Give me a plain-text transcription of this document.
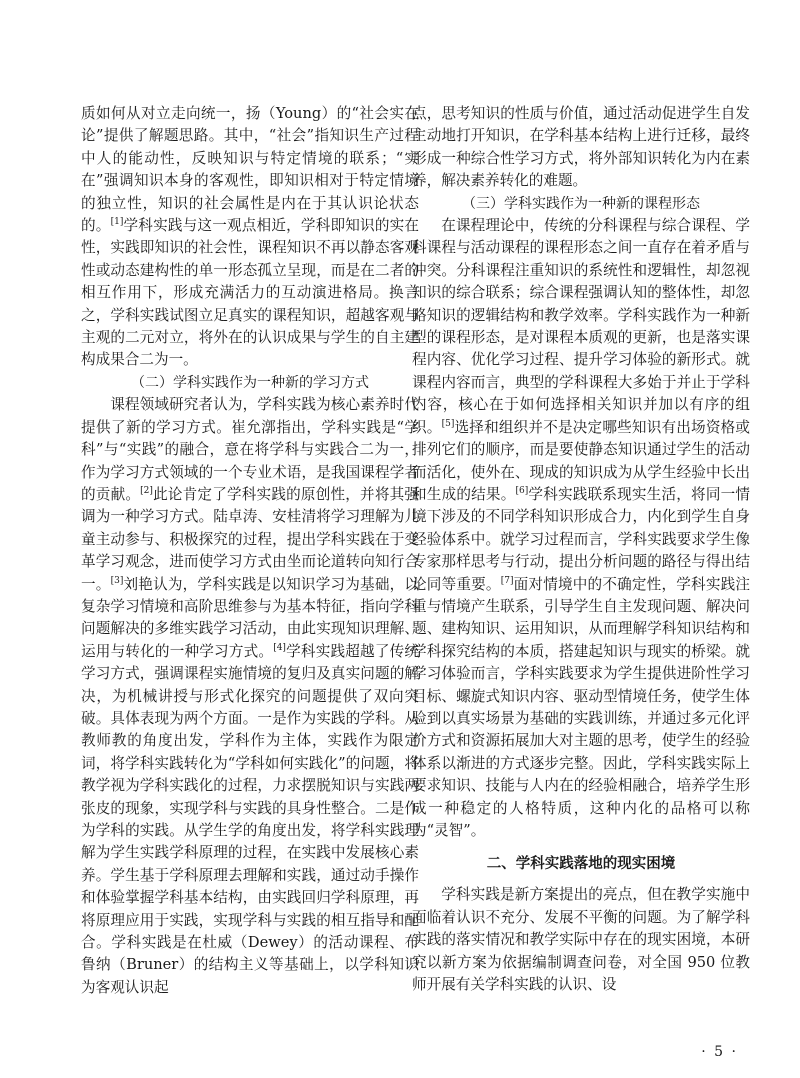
质如何从对立走向统一，扬（Young）的“社会实在论”提供了解题思路。其中，“社会”指知识生产过程中人的能动性，反映知识与特定情境的联系；“实在”强调知识本身的客观性，即知识相对于特定情境的独立性，知识的社会属性是内在于其认识论状态的。[1]学科实践与这一观点相近，学科即知识的实在性，实践即知识的社会性，课程知识不再以静态客观性或动态建构性的单一形态孤立呈现，而是在二者的相互作用下，形成充满活力的互动演进格局。换言之，学科实践试图立足真实的课程知识，超越客观与主观的二元对立，将外在的认识成果与学生的自主建构成果合二为一。

（二）学科实践作为一种新的学习方式

课程领域研究者认为，学科实践为核心素养时代提供了新的学习方式。崔允漷指出，学科实践是“学科”与“实践”的融合，意在将学科与实践合二为一，作为学习方式领域的一个专业术语，是我国课程学者的贡献。[2]此论肯定了学科实践的原创性，并将其强调为一种学习方式。陆卓涛、安桂清将学习理解为儿童主动参与、积极探究的过程，提出学科实践在于变革学习观念，进而使学习方式由坐而论道转向知行合一。[3]刘艳认为，学科实践是以知识学习为基础，以复杂学习情境和高阶思维参与为基本特征，指向学科问题解决的多维实践学习活动，由此实现知识理解、运用与转化的一种学习方式。[4]学科实践超越了传统学习方式，强调课程实施情境的复归及真实问题的解决，为机械讲授与形式化探究的问题提供了双向突破。具体表现为两个方面。一是作为实践的学科。从教师教的角度出发，学科作为主体，实践作为限定词，将学科实践转化为“学科如何实践化”的问题，将教学视为学科实践化的过程，力求摆脱知识与实践两张皮的现象，实现学科与实践的具身性整合。二是作为学科的实践。从学生学的角度出发，将学科实践理解为学生实践学科原理的过程，在实践中发展核心素养。学生基于学科原理去理解和实践，通过动手操作和体验掌握学科基本结构，由实践回归学科原理，再将原理应用于实践，实现学科与实践的相互指导和配合。学科实践是在杜威（Dewey）的活动课程、布鲁纳（Bruner）的结构主义等基础上，以学科知识为客观认识起

点，思考知识的性质与价值，通过活动促进学生自发主动地打开知识，在学科基本结构上进行迁移，最终形成一种综合性学习方式，将外部知识转化为内在素养，解决素养转化的难题。

（三）学科实践作为一种新的课程形态

在课程理论中，传统的分科课程与综合课程、学科课程与活动课程的课程形态之间一直存在着矛盾与冲突。分科课程注重知识的系统性和逻辑性，却忽视知识的综合联系；综合课程强调认知的整体性，却忽略知识的逻辑结构和教学效率。学科实践作为一种新型的课程形态，是对课程本质观的更新，也是落实课程内容、优化学习过程、提升学习体验的新形式。就课程内容而言，典型的学科课程大多始于并止于学科内容，核心在于如何选择相关知识并加以有序的组织。[5]选择和组织并不是决定哪些知识有出场资格或排列它们的顺序，而是要使静态知识通过学生的活动而活化，使外在、现成的知识成为从学生经验中长出和生成的结果。[6]学科实践联系现实生活，将同一情境下涉及的不同学科知识形成合力，内化到学生自身经验体系中。就学习过程而言，学科实践要求学生像专家那样思考与行动，提出分析问题的路径与得出结论同等重要。[7]面对情境中的不确定性，学科实践注重与情境产生联系，引导学生自主发现问题、解决问题、建构知识、运用知识，从而理解学科知识结构和学科探究结构的本质，搭建起知识与现实的桥梁。就学习体验而言，学科实践要求为学生提供进阶性学习目标、螺旋式知识内容、驱动型情境任务，使学生体验到以真实场景为基础的实践训练，并通过多元化评价方式和资源拓展加大对主题的思考，使学生的经验体系以渐进的方式逐步完整。因此，学科实践实际上要求知识、技能与人内在的经验相融合，培养学生形成一种稳定的人格特质，这种内化的品格可以称为“灵智”。

二、学科实践落地的现实困境

学科实践是新方案提出的亮点，但在教学实施中面临着认识不充分、发展不平衡的问题。为了解学科实践的落实情况和教学实际中存在的现实困境，本研究以新方案为依据编制调查问卷，对全国 950 位教师开展有关学科实践的认识、设

· 5 ·
